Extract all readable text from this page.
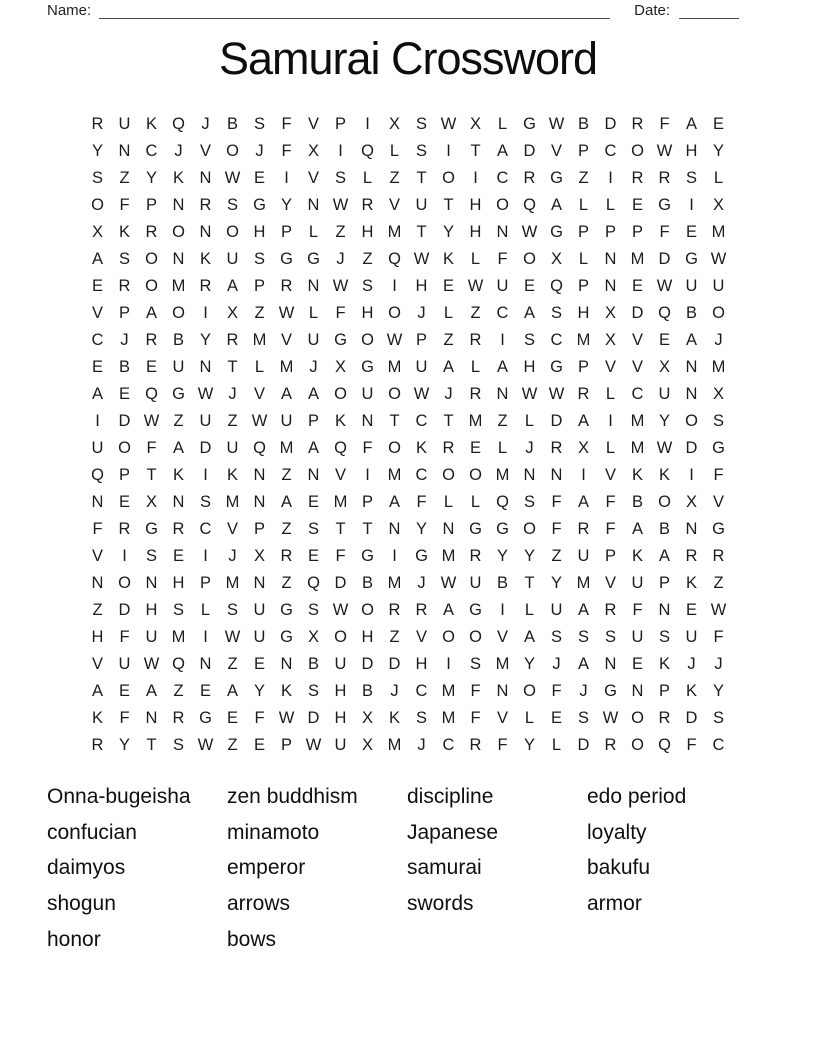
Name:	Date:
Samurai Crossword
R U K Q J	B S F V P	I	X S W X	L G W B D R F A E
Y N C	J	V O J	F X	I	Q L	S	I	T A D V P C O W H Y
S Z Y K N W E	I	V S	L	Z	T O	I	C R G Z	I	R R S	L
O F P N R S G Y N W R V U T H O Q A	L	L	E G	I	X
X K R O N O H P	L	Z H M T Y H N W G P P P F E M
A S O N K U S G G J	Z Q W K	L	F O X	L N M D G W
E R O M R A P R N W S	I	H E W U E Q P N E W U U
V P A O	I	X Z W L	F H O J	L	Z C A S H X D Q B O
C	J	R B Y R M V U G O W P Z R	I	S C M X V E A	J
E B E U N T	L M J	X G M U A	L	A H G P V V X N M
A E Q G W J	V A A O U O W J	R N W W R L C U N X
I	D W Z U Z W U P K N T C T M Z	L D A	I	M Y O S
U O F A D U Q M A Q F O K R E	L	J	R X	L M W D G
Q P T K	I	K N Z N V	I	M C O O M N N	I	V K K	I	F
N E X N S M N A E M P A F	L	L Q S F A F B O X V
F R G R C V P Z S T	T N Y N G G O F R F A B N G
V	I	S E	I	J	X R E F G	I	G M R Y Y Z U P K A R R
N O N H P M N Z Q D B M J W U B T Y M V U P K Z
Z D H S	L	S U G S W O R R A G	I	L U A R F N E W
H F U M	I	W U G X O H Z V O O V A S S S U S U F
V U W Q N Z E N B U D D H	I	S M Y	J	A N E K	J	J
A E A Z E A Y K S H B	J	C M F N O F	J G N P K Y
K F N R G E F W D H X K S M F V	L	E S W O R D S
R Y T S W Z E P W U X M J	C R F Y	L D R O Q F C
Onna-bugeisha
confucian
daimyos
shogun
honor
zen buddhism
minamoto
emperor
arrows
bows
discipline
Japanese
samurai
swords
edo period
loyalty
bakufu
armor
